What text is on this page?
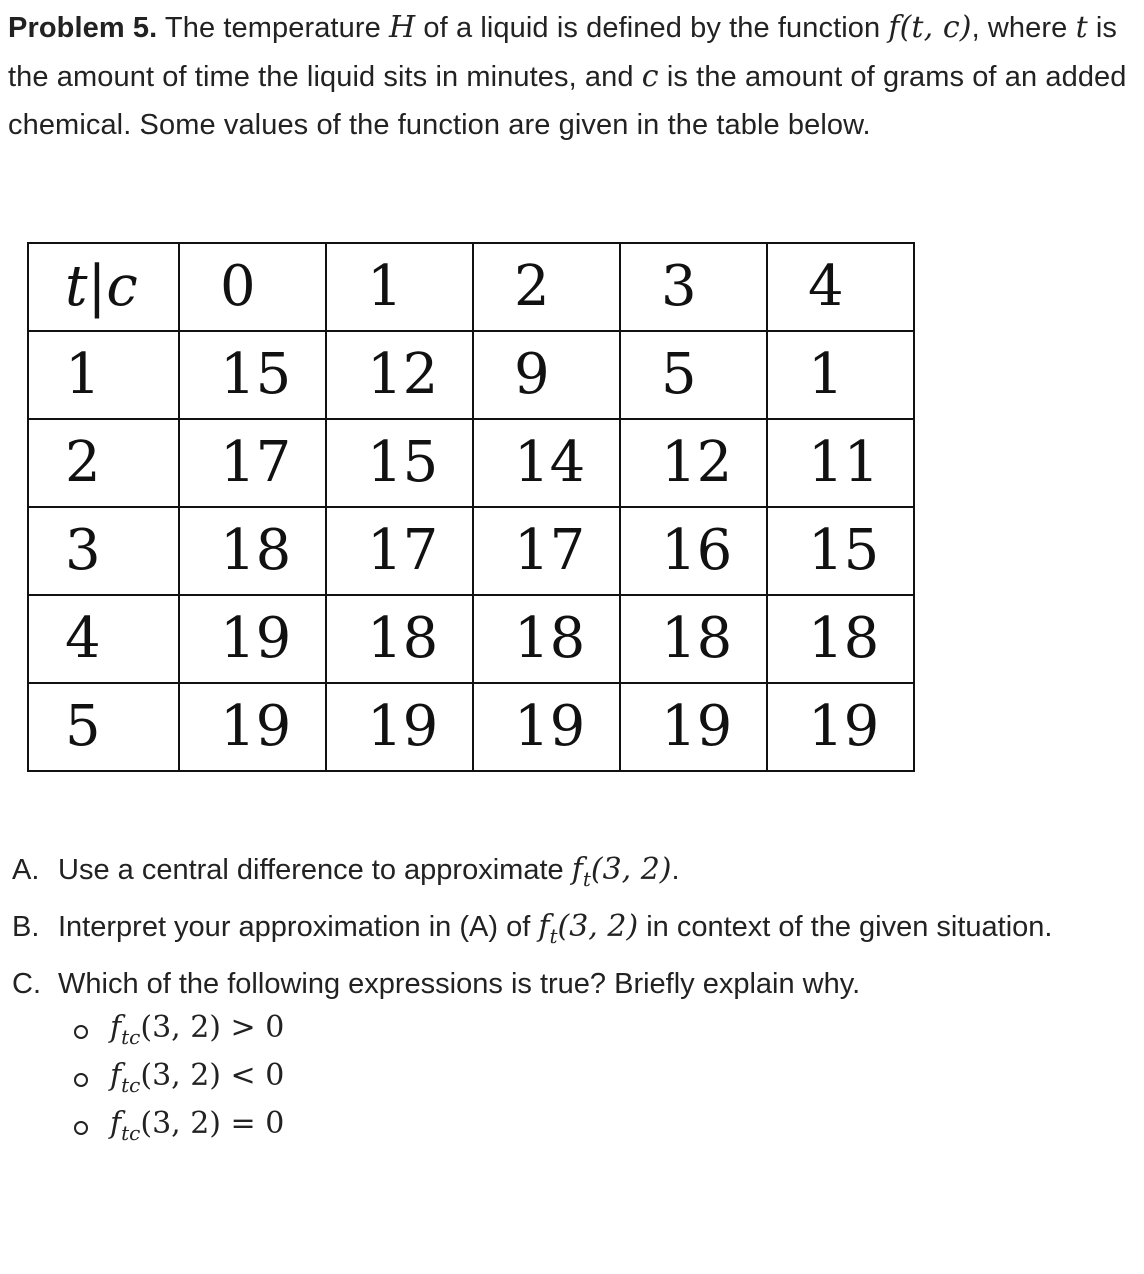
Problem 5. The temperature H of a liquid is defined by the function f(t, c), where t is the amount of time the liquid sits in minutes, and c is the amount of grams of an added chemical. Some values of the function are given in the table below.
t|c	0	1	2	3	4
1	15	12	9	5	1
2	17	15	14	12	11
3	18	17	17	16	15
4	19	18	18	18	18
5	19	19	19	19	19
A. Use a central difference to approximate $f_t(3$, 2).
B. Interpret your approximation in (A) of $f_t(3$, 2) in context of the given situation.
C. Which of the following expressions is true? Briefly explain why.
$f_{tc}(3$, 2) > 0
$f_{tc}(3$, 2) < 0
$f_{tc}(3$, 2) = 0
